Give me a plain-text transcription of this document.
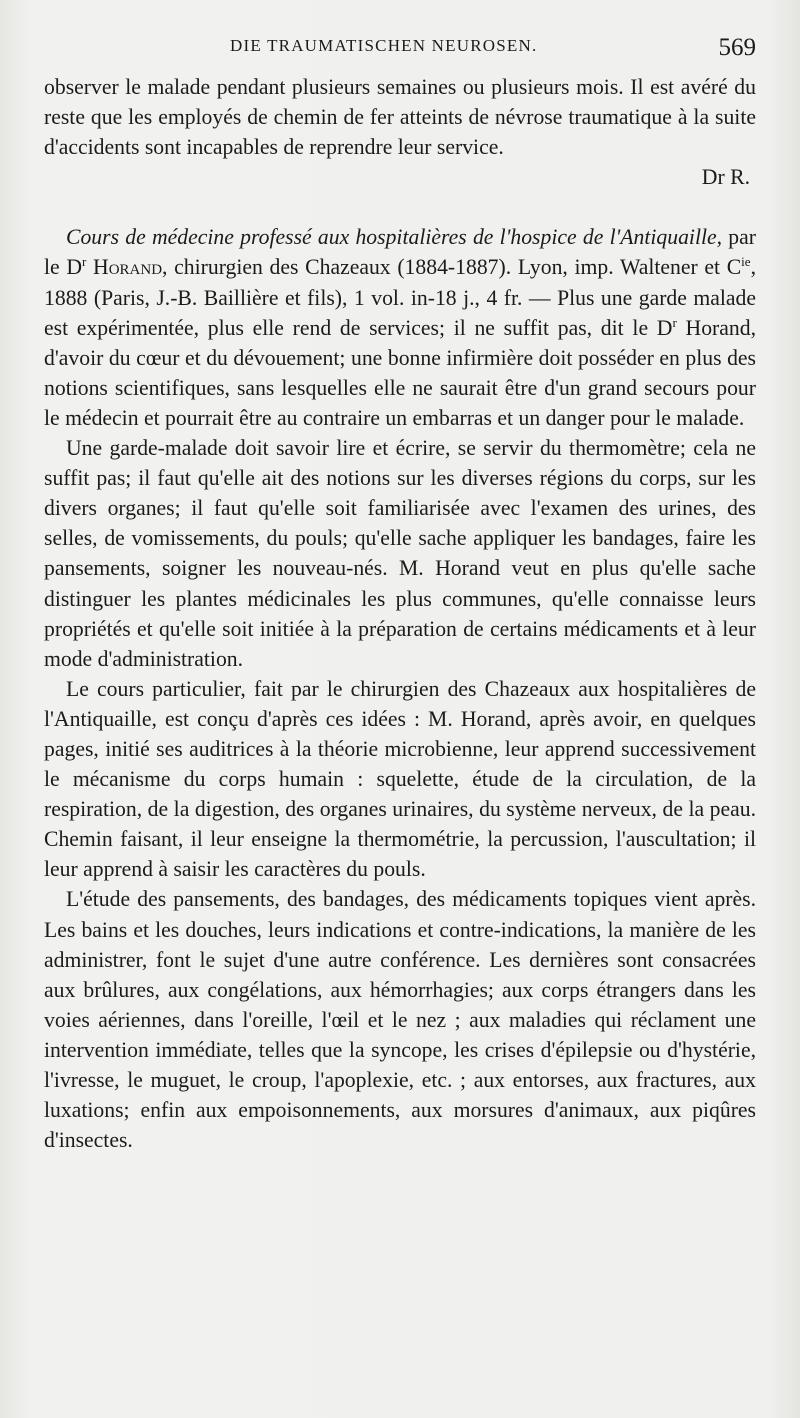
DIE TRAUMATISCHEN NEUROSEN.	569

observer le malade pendant plusieurs semaines ou plusieurs mois. Il est avéré du reste que les employés de chemin de fer atteints de névrose traumatique à la suite d'accidents sont incapables de reprendre leur service.
Dr R.

Cours de médecine professé aux hospitalières de l'hospice de l'Antiquaille, par le $D^r$ Horand, chirurgien des Chazeaux (1884-1887). Lyon, imp. Waltener et $C^{ie}$, 1888 (Paris, J.-B. Baillière et fils), 1 vol. in-18 j., 4 fr. — Plus une garde malade est expérimentée, plus elle rend de services; il ne suffit pas, dit le $D^r$ Horand, d'avoir du cœur et du dévouement; une bonne infirmière doit posséder en plus des notions scientifiques, sans lesquelles elle ne saurait être d'un grand secours pour le médecin et pourrait être au contraire un embarras et un danger pour le malade.

Une garde-malade doit savoir lire et écrire, se servir du thermomètre; cela ne suffit pas; il faut qu'elle ait des notions sur les diverses régions du corps, sur les divers organes; il faut qu'elle soit familiarisée avec l'examen des urines, des selles, de vomissements, du pouls; qu'elle sache appliquer les bandages, faire les pansements, soigner les nouveau-nés. M. Horand veut en plus qu'elle sache distinguer les plantes médicinales les plus communes, qu'elle connaisse leurs propriétés et qu'elle soit initiée à la préparation de certains médicaments et à leur mode d'administration.

Le cours particulier, fait par le chirurgien des Chazeaux aux hospitalières de l'Antiquaille, est conçu d'après ces idées : M. Horand, après avoir, en quelques pages, initié ses auditrices à la théorie microbienne, leur apprend successivement le mécanisme du corps humain : squelette, étude de la circulation, de la respiration, de la digestion, des organes urinaires, du système nerveux, de la peau. Chemin faisant, il leur enseigne la thermométrie, la percussion, l'auscultation; il leur apprend à saisir les caractères du pouls.

L'étude des pansements, des bandages, des médicaments topiques vient après. Les bains et les douches, leurs indications et contre-indications, la manière de les administrer, font le sujet d'une autre conférence. Les dernières sont consacrées aux brûlures, aux congélations, aux hémorrhagies; aux corps étrangers dans les voies aériennes, dans l'oreille, l'œil et le nez ; aux maladies qui réclament une intervention immédiate, telles que la syncope, les crises d'épilepsie ou d'hystérie, l'ivresse, le muguet, le croup, l'apoplexie, etc. ; aux entorses, aux fractures, aux luxations; enfin aux empoisonnements, aux morsures d'animaux, aux piqûres d'insectes.
